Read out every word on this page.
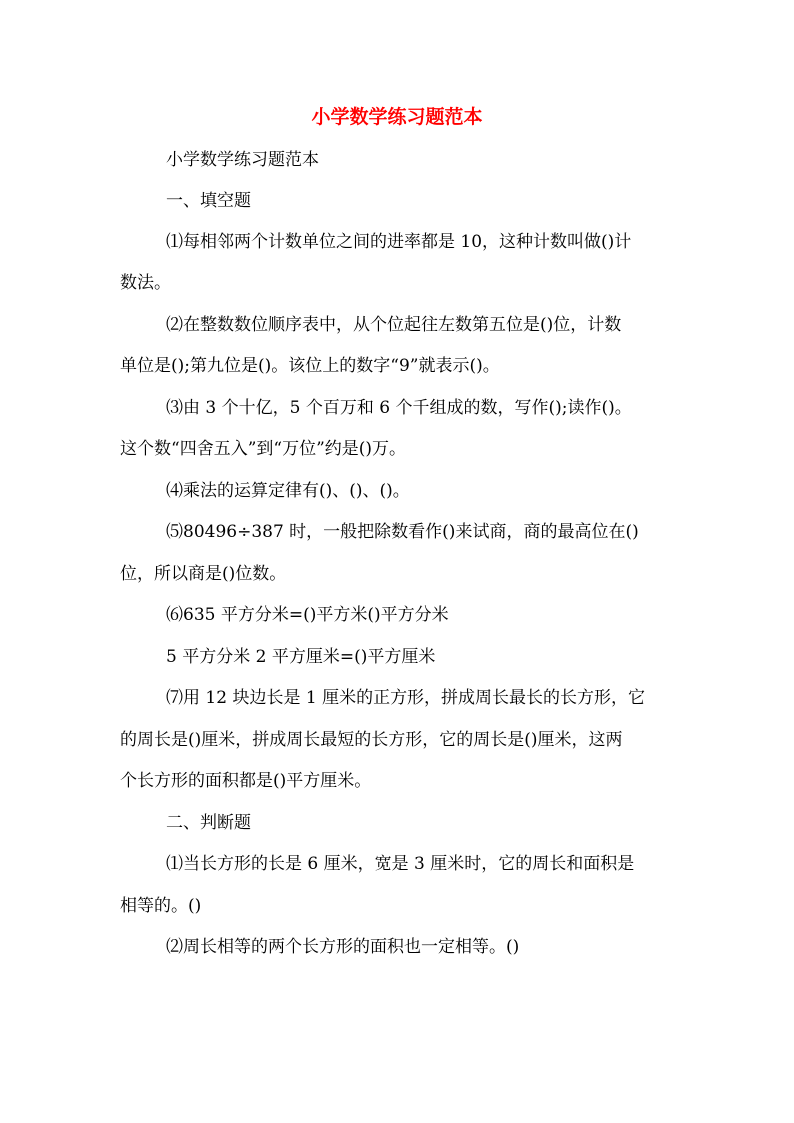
小学数学练习题范本
小学数学练习题范本
一、填空题
⑴每相邻两个计数单位之间的进率都是 10，这种计数叫做()计
数法。
⑵在整数数位顺序表中，从个位起往左数第五位是()位，计数
单位是();第九位是()。该位上的数字“9”就表示()。
⑶由 3 个十亿，5 个百万和 6 个千组成的数，写作();读作()。
这个数“四舍五入”到“万位”约是()万。
⑷乘法的运算定律有()、()、()。
⑸80496÷387 时，一般把除数看作()来试商，商的最高位在()
位，所以商是()位数。
⑹635 平方分米=()平方米()平方分米
5 平方分米 2 平方厘米=()平方厘米
⑺用 12 块边长是 1 厘米的正方形，拼成周长最长的长方形，它
的周长是()厘米，拼成周长最短的长方形，它的周长是()厘米，这两
个长方形的面积都是()平方厘米。
二、判断题
⑴当长方形的长是 6 厘米，宽是 3 厘米时，它的周长和面积是
相等的。()
⑵周长相等的两个长方形的面积也一定相等。()
